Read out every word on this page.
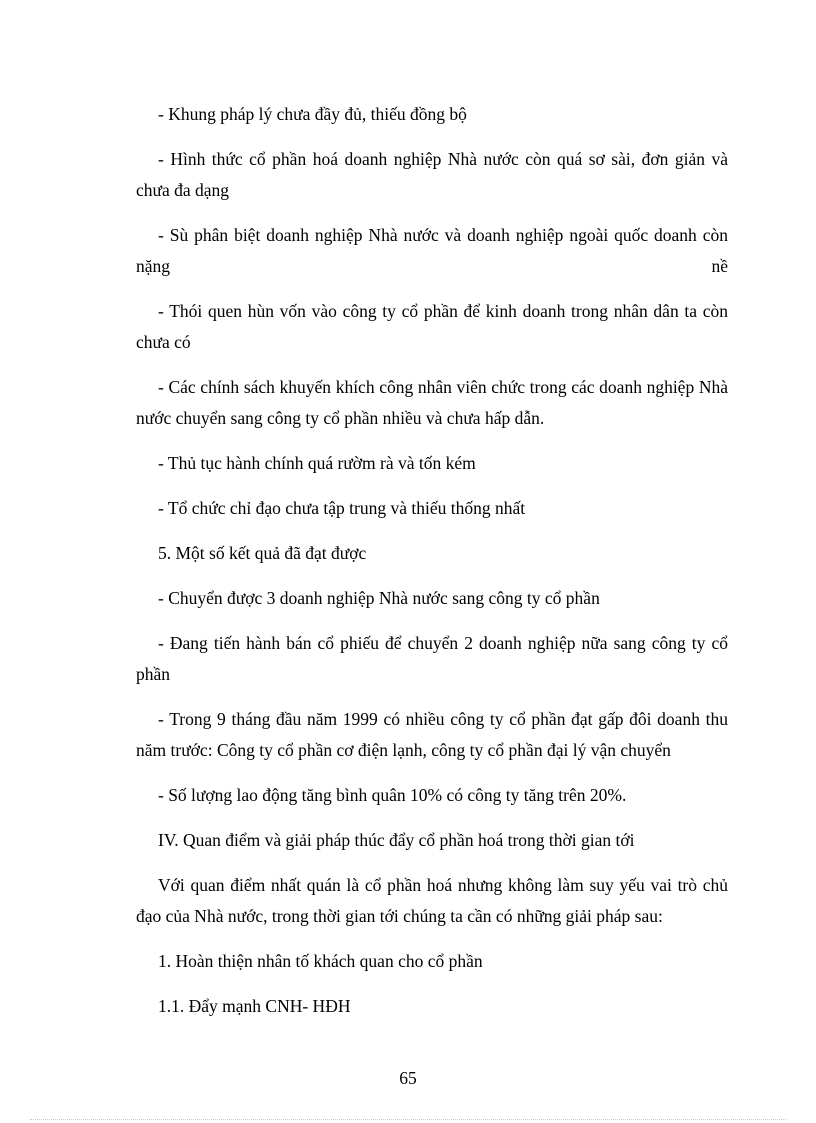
- Khung pháp lý chưa đầy đủ, thiếu đồng bộ

- Hình thức cổ phần hoá doanh nghiệp Nhà nước còn quá sơ sài, đơn giản và chưa đa dạng

- Sù phân biệt doanh nghiệp Nhà nước và doanh nghiệp ngoài quốc doanh còn nặng nề

- Thói quen hùn vốn vào công ty cổ phần để kinh doanh trong nhân dân ta còn chưa có

- Các chính sách khuyến khích công nhân viên chức trong các doanh nghiệp Nhà nước chuyển sang công ty cổ phần nhiều và chưa hấp dẫn.

- Thủ tục hành chính quá rườm rà và tốn kém

- Tổ chức chỉ đạo chưa tập trung và thiếu thống nhất

5. Một số kết quả đã đạt được

- Chuyển được 3 doanh nghiệp Nhà nước sang công ty cổ phần

- Đang tiến hành bán cổ phiếu để chuyển 2 doanh nghiệp nữa sang công ty cổ phần

- Trong 9 tháng đầu năm 1999 có nhiều công ty cổ phần đạt gấp đôi doanh thu năm trước: Công ty cổ phần cơ điện lạnh, công ty cổ phần đại lý vận chuyển

- Số lượng lao động tăng bình quân 10% có công ty tăng trên 20%.

IV. Quan điểm và giải pháp thúc đẩy cổ phần hoá trong thời gian tới

Với quan điểm nhất quán là cổ phần hoá nhưng không làm suy yếu vai trò chủ đạo của Nhà nước, trong thời gian tới chúng ta cần có những giải pháp sau:

1. Hoàn thiện nhân tố khách quan cho cổ phần

1.1. Đẩy mạnh CNH- HĐH

65
